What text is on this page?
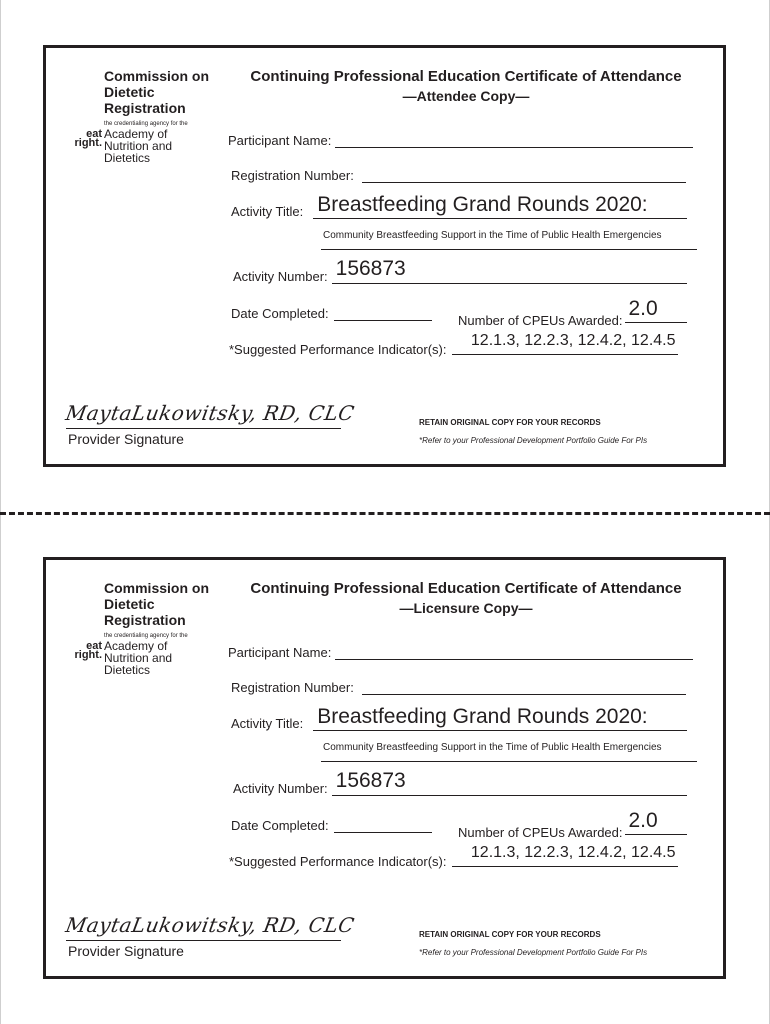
Commission on Dietetic Registration
the credentialing agency for the
eat right.
Academy of Nutrition and Dietetics
Continuing Professional Education Certificate of Attendance
—Attendee Copy—
Participant Name:
Registration Number:
Activity Title: Breastfeeding Grand Rounds 2020:
Community Breastfeeding Support in the Time of Public Health Emergencies
Activity Number: 156873
Date Completed:	Number of CPEUs Awarded:
2.0
*Suggested Performance Indicator(s):
12.1.3, 12.2.3, 12.4.2, 12.4.5
MaytaLukowitsky, RD, CLC
Provider Signature
RETAIN ORIGINAL COPY FOR YOUR RECORDS
*Refer to your Professional Development Portfolio Guide For PIs
Commission on Dietetic Registration
the credentialing agency for the
eat right.
Academy of Nutrition and Dietetics
Continuing Professional Education Certificate of Attendance
—Licensure Copy—
Participant Name:
Registration Number:
Activity Title: Breastfeeding Grand Rounds 2020:
Community Breastfeeding Support in the Time of Public Health Emergencies
Activity Number: 156873
Date Completed:	Number of CPEUs Awarded:
2.0
*Suggested Performance Indicator(s):
12.1.3, 12.2.3, 12.4.2, 12.4.5
MaytaLukowitsky, RD, CLC
Provider Signature
RETAIN ORIGINAL COPY FOR YOUR RECORDS
*Refer to your Professional Development Portfolio Guide For PIs
